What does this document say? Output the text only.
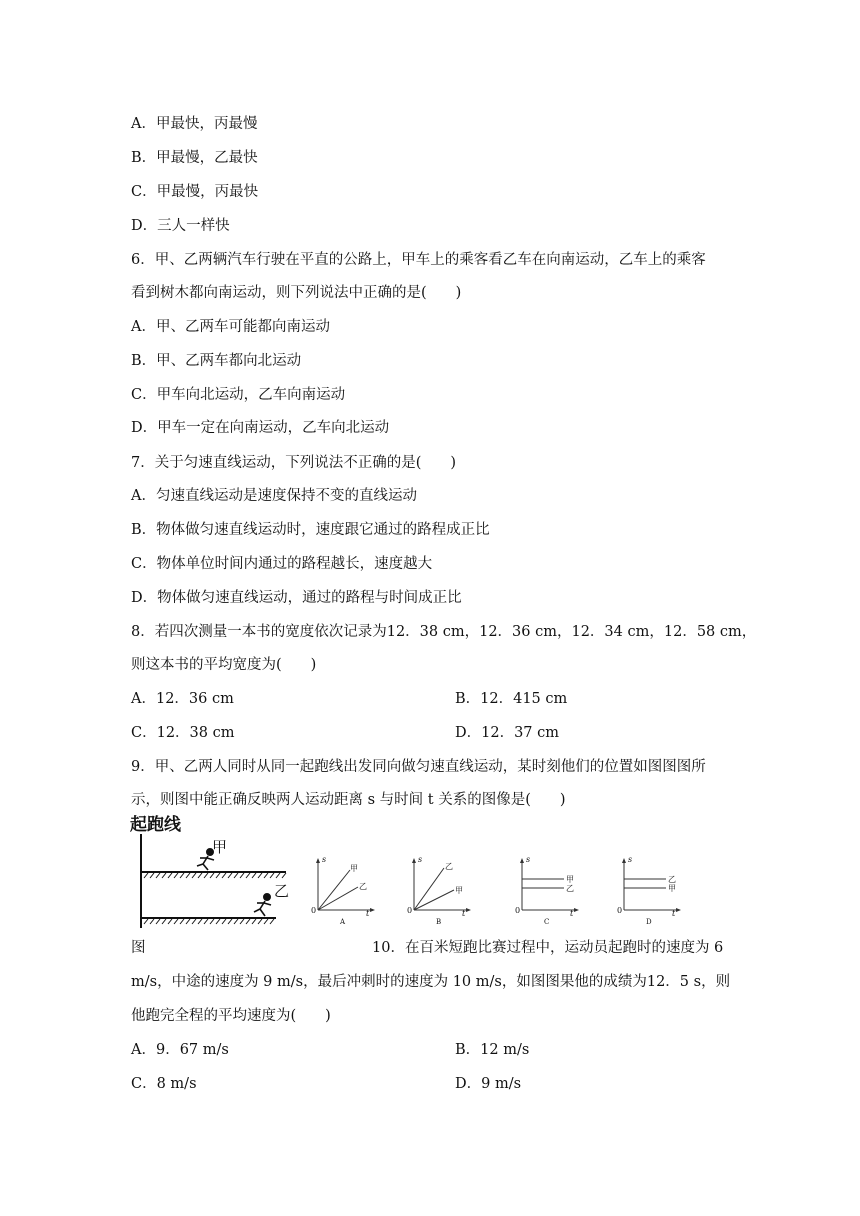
A．甲最快，丙最慢
B．甲最慢，乙最快
C．甲最慢，丙最快
D．三人一样快
6．甲、乙两辆汽车行驶在平直的公路上，甲车上的乘客看乙车在向南运动，乙车上的乘客
看到树木都向南运动，则下列说法中正确的是(　　)
A．甲、乙两车可能都向南运动
B．甲、乙两车都向北运动
C．甲车向北运动，乙车向南运动
D．甲车一定在向南运动，乙车向北运动
7．关于匀速直线运动，下列说法不正确的是(　　)
A．匀速直线运动是速度保持不变的直线运动
B．物体做匀速直线运动时，速度跟它通过的路程成正比
C．物体单位时间内通过的路程越长，速度越大
D．物体做匀速直线运动，通过的路程与时间成正比
8．若四次测量一本书的宽度依次记录为12．38 cm，12．36 cm，12．34 cm，12．58 cm，
则这本书的平均宽度为(　　)
A．12．36 cm	B．12．415 cm
C．12．38 cm	D．12．37 cm
9．甲、乙两人同时从同一起跑线出发同向做匀速直线运动，某时刻他们的位置如图图图所
示，则图中能正确反映两人运动距离 s 与时间 t 关系的图像是(　　)
起跑线
甲
乙
s
t
0
甲
乙
A
s
t
0
乙
甲
B
s
t
0
甲
乙
C
s
t
0
乙
甲
D
图	10．在百米短跑比赛过程中，运动员起跑时的速度为 6
m/s，中途的速度为 9 m/s，最后冲刺时的速度为 10 m/s，如图图果他的成绩为12．5 s，则
他跑完全程的平均速度为(　　)
A．9．67 m/s	B．12 m/s
C．8 m/s	D．9 m/s
